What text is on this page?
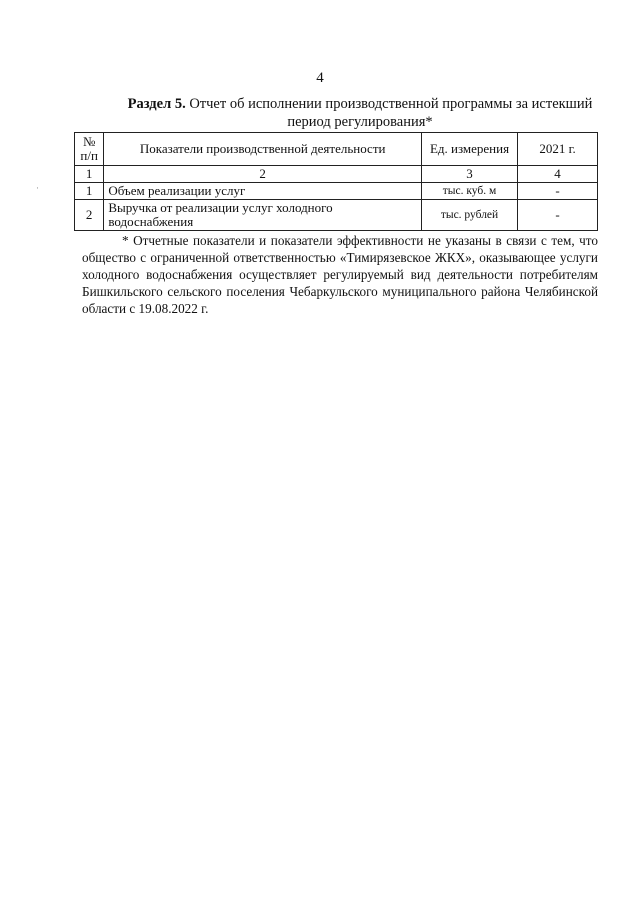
4
Раздел 5. Отчет об исполнении производственной программы за истекший
период регулирования*
·
№ п/п	Показатели производственной деятельности	Ед. измерения	2021 г.
1	2	3	4
1	Объем реализации услуг	тыс. куб. м	-
2	Выручка от реализации услуг холодного водоснабжения	тыс. рублей	-

* Отчетные показатели и показатели эффективности не указаны в связи с тем, что общество с ограниченной ответственностью «Тимирязевское ЖКХ», оказывающее услуги холодного водоснабжения осуществляет регулируемый вид деятельности потребителям Бишкильского сельского поселения Чебаркульского муниципального района Челябинской области с 19.08.2022 г.
